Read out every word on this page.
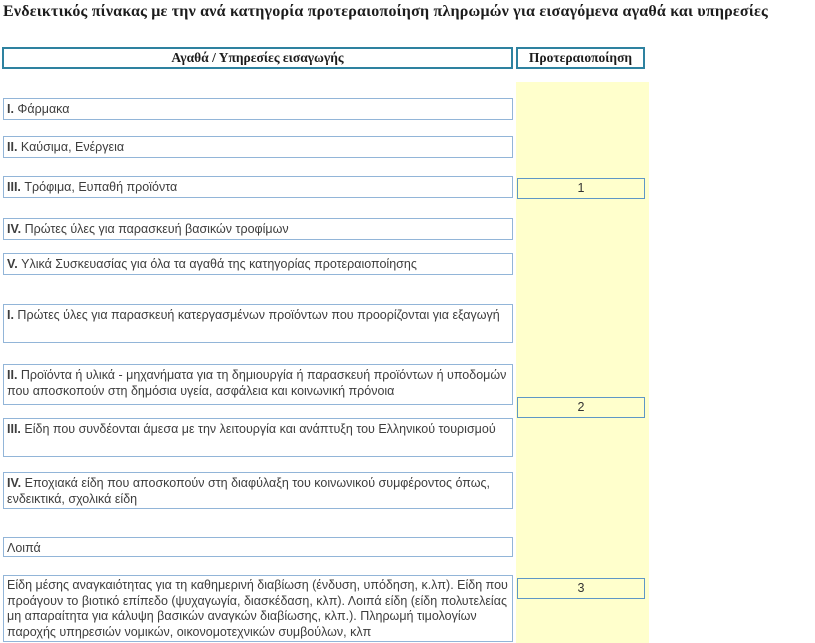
Ενδεικτικός πίνακας με την ανά κατηγορία προτεραιοποίηση πληρωμών για εισαγόμενα αγαθά και υπηρεσίες
Αγαθά / Υπηρεσίες εισαγωγής	Προτεραιοποίηση
I. Φάρμακα
II. Καύσιμα, Ενέργεια
III. Τρόφιμα, Ευπαθή προϊόντα
IV. Πρώτες ύλες για παρασκευή βασικών τροφίμων
V. Υλικά Συσκευασίας για όλα τα αγαθά της κατηγορίας προτεραιοποίησης
I. Πρώτες ύλες για παρασκευή κατεργασμένων προϊόντων που προορίζονται για εξαγωγή
II. Προϊόντα ή υλικά - μηχανήματα για τη δημιουργία ή παρασκευή προϊόντων ή υποδομών που αποσκοπούν στη δημόσια υγεία, ασφάλεια και κοινωνική πρόνοια
III. Είδη που συνδέονται άμεσα με την λειτουργία και ανάπτυξη του Ελληνικού τουρισμού
IV. Εποχιακά είδη που αποσκοπούν στη διαφύλαξη του κοινωνικού συμφέροντος όπως, ενδεικτικά, σχολικά είδη
Λοιπά
Είδη μέσης αναγκαιότητας για τη καθημερινή διαβίωση (ένδυση, υπόδηση, κ.λπ). Είδη που προάγουν το βιοτικό επίπεδο (ψυχαγωγία, διασκέδαση, κλπ). Λοιπά είδη (είδη πολυτελείας μη απαραίτητα για κάλυψη βασικών αναγκών διαβίωσης, κλπ.). Πληρωμή τιμολογίων παροχής υπηρεσιών νομικών, οικονομοτεχνικών συμβούλων, κλπ
1
2
3
